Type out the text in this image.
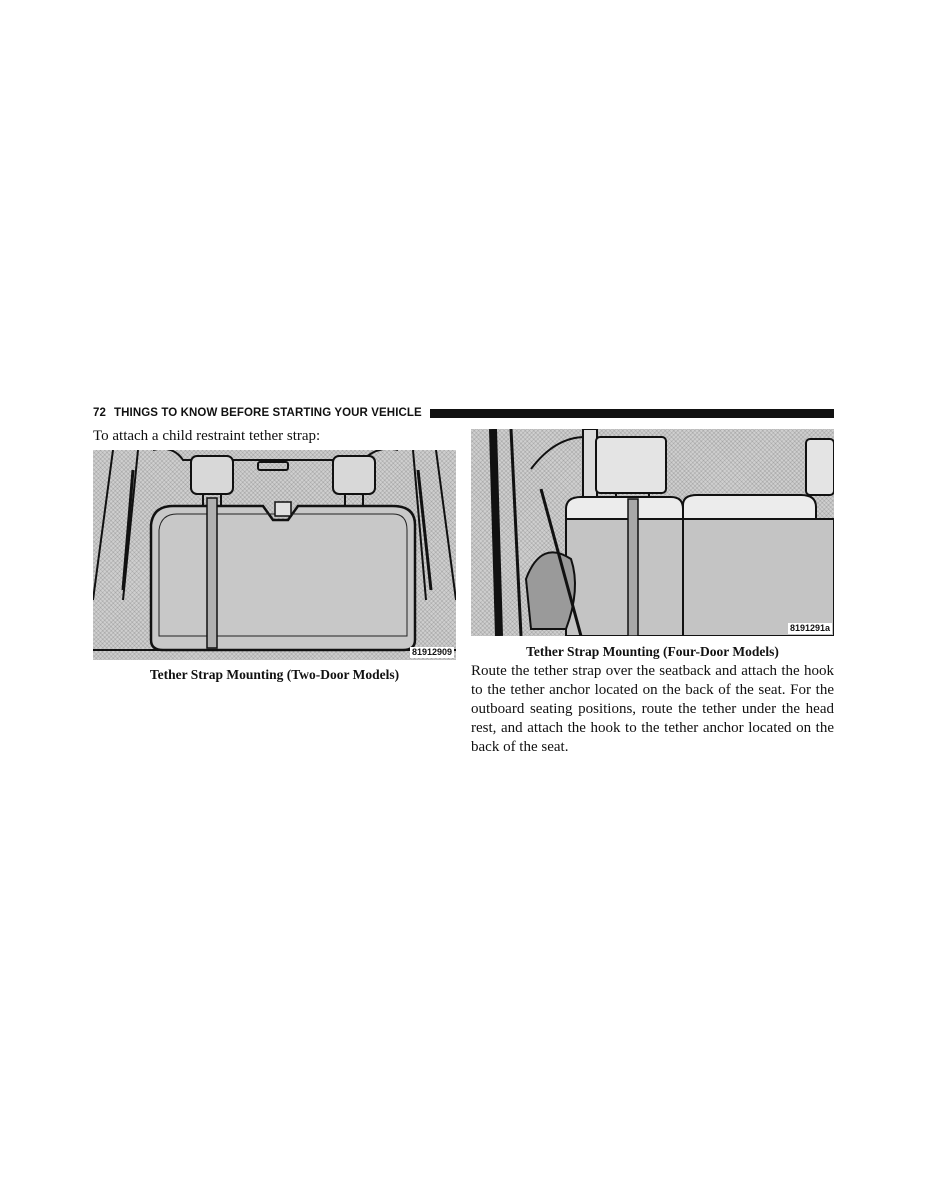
72 THINGS TO KNOW BEFORE STARTING YOUR VEHICLE
To attach a child restraint tether strap:
81912909
Tether Strap Mounting (Two-Door Models)
8191291a
Tether Strap Mounting (Four-Door Models)
Route the tether strap over the seatback and attach the hook to the tether anchor located on the back of the seat. For the outboard seating positions, route the tether under the head rest, and attach the hook to the tether anchor located on the back of the seat.
